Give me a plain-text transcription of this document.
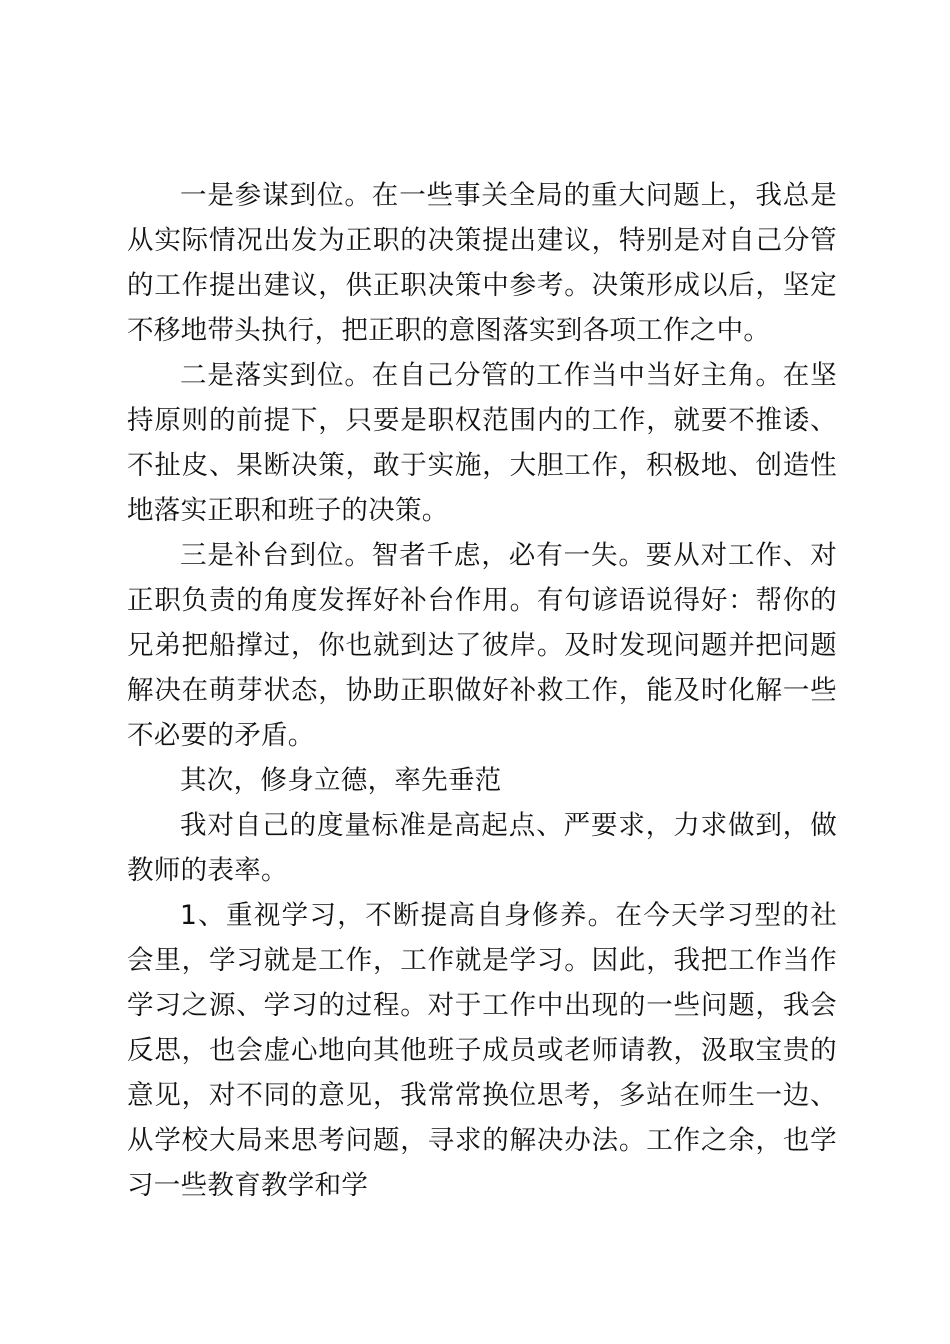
一是参谋到位。在一些事关全局的重大问题上，我总是从实际情况出发为正职的决策提出建议，特别是对自己分管的工作提出建议，供正职决策中参考。决策形成以后，坚定不移地带头执行，把正职的意图落实到各项工作之中。

二是落实到位。在自己分管的工作当中当好主角。在坚持原则的前提下，只要是职权范围内的工作，就要不推诿、不扯皮、果断决策，敢于实施，大胆工作，积极地、创造性地落实正职和班子的决策。

三是补台到位。智者千虑，必有一失。要从对工作、对正职负责的角度发挥好补台作用。有句谚语说得好：帮你的兄弟把船撑过，你也就到达了彼岸。及时发现问题并把问题解决在萌芽状态，协助正职做好补救工作，能及时化解一些不必要的矛盾。

其次，修身立德，率先垂范

我对自己的度量标准是高起点、严要求，力求做到，做教师的表率。

1、重视学习，不断提高自身修养。在今天学习型的社会里，学习就是工作，工作就是学习。因此，我把工作当作学习之源、学习的过程。对于工作中出现的一些问题，我会反思，也会虚心地向其他班子成员或老师请教，汲取宝贵的意见，对不同的意见，我常常换位思考，多站在师生一边、从学校大局来思考问题，寻求的解决办法。工作之余，也学习一些教育教学和学
